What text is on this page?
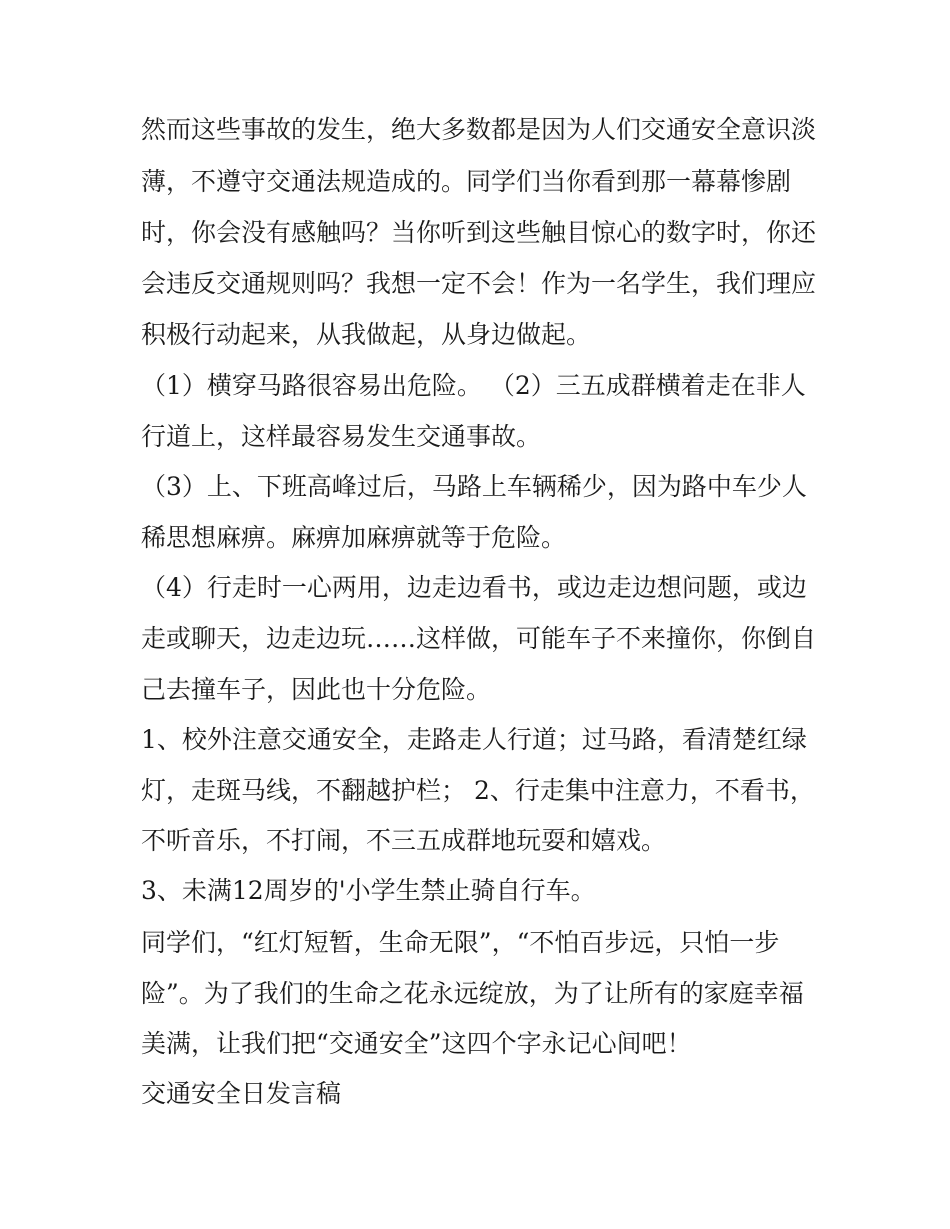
然而这些事故的发生，绝大多数都是因为人们交通安全意识淡
薄，不遵守交通法规造成的。同学们当你看到那一幕幕惨剧
时，你会没有感触吗？当你听到这些触目惊心的数字时，你还
会违反交通规则吗？我想一定不会！作为一名学生，我们理应
积极行动起来，从我做起，从身边做起。
（1）横穿马路很容易出危险。 （2）三五成群横着走在非人
行道上，这样最容易发生交通事故。
（3）上、下班高峰过后，马路上车辆稀少，因为路中车少人
稀思想麻痹。麻痹加麻痹就等于危险。
（4）行走时一心两用，边走边看书，或边走边想问题，或边
走或聊天，边走边玩……这样做，可能车子不来撞你，你倒自
己去撞车子，因此也十分危险。
1、校外注意交通安全，走路走人行道；过马路，看清楚红绿
灯，走斑马线，不翻越护栏； 2、行走集中注意力，不看书，
不听音乐，不打闹，不三五成群地玩耍和嬉戏。
3、未满12周岁的'小学生禁止骑自行车。
同学们，“红灯短暂，生命无限”，“不怕百步远，只怕一步
险”。为了我们的生命之花永远绽放，为了让所有的家庭幸福
美满，让我们把“交通安全”这四个字永记心间吧！
交通安全日发言稿
